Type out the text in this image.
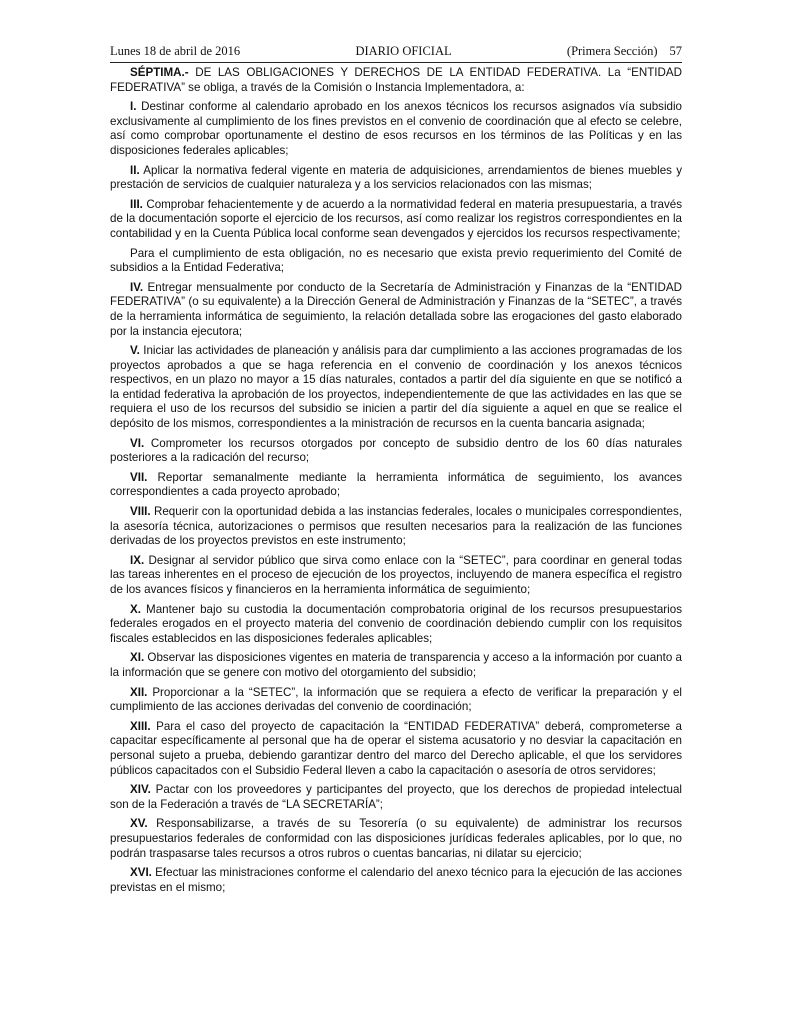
Lunes 18 de abril de 2016	DIARIO OFICIAL	(Primera Sección) 57

SÉPTIMA.- DE LAS OBLIGACIONES Y DERECHOS DE LA ENTIDAD FEDERATIVA. La “ENTIDAD FEDERATIVA” se obliga, a través de la Comisión o Instancia Implementadora, a:

I. Destinar conforme al calendario aprobado en los anexos técnicos los recursos asignados vía subsidio exclusivamente al cumplimiento de los fines previstos en el convenio de coordinación que al efecto se celebre, así como comprobar oportunamente el destino de esos recursos en los términos de las Políticas y en las disposiciones federales aplicables;

II. Aplicar la normativa federal vigente en materia de adquisiciones, arrendamientos de bienes muebles y prestación de servicios de cualquier naturaleza y a los servicios relacionados con las mismas;

III. Comprobar fehacientemente y de acuerdo a la normatividad federal en materia presupuestaria, a través de la documentación soporte el ejercicio de los recursos, así como realizar los registros correspondientes en la contabilidad y en la Cuenta Pública local conforme sean devengados y ejercidos los recursos respectivamente;

Para el cumplimiento de esta obligación, no es necesario que exista previo requerimiento del Comité de subsidios a la Entidad Federativa;

IV. Entregar mensualmente por conducto de la Secretaría de Administración y Finanzas de la “ENTIDAD FEDERATIVA” (o su equivalente) a la Dirección General de Administración y Finanzas de la “SETEC”, a través de la herramienta informática de seguimiento, la relación detallada sobre las erogaciones del gasto elaborado por la instancia ejecutora;

V. Iniciar las actividades de planeación y análisis para dar cumplimiento a las acciones programadas de los proyectos aprobados a que se haga referencia en el convenio de coordinación y los anexos técnicos respectivos, en un plazo no mayor a 15 días naturales, contados a partir del día siguiente en que se notificó a la entidad federativa la aprobación de los proyectos, independientemente de que las actividades en las que se requiera el uso de los recursos del subsidio se inicien a partir del día siguiente a aquel en que se realice el depósito de los mismos, correspondientes a la ministración de recursos en la cuenta bancaria asignada;

VI. Comprometer los recursos otorgados por concepto de subsidio dentro de los 60 días naturales posteriores a la radicación del recurso;

VII. Reportar semanalmente mediante la herramienta informática de seguimiento, los avances correspondientes a cada proyecto aprobado;

VIII. Requerir con la oportunidad debida a las instancias federales, locales o municipales correspondientes, la asesoría técnica, autorizaciones o permisos que resulten necesarios para la realización de las funciones derivadas de los proyectos previstos en este instrumento;

IX. Designar al servidor público que sirva como enlace con la “SETEC”, para coordinar en general todas las tareas inherentes en el proceso de ejecución de los proyectos, incluyendo de manera específica el registro de los avances físicos y financieros en la herramienta informática de seguimiento;

X. Mantener bajo su custodia la documentación comprobatoria original de los recursos presupuestarios federales erogados en el proyecto materia del convenio de coordinación debiendo cumplir con los requisitos fiscales establecidos en las disposiciones federales aplicables;

XI. Observar las disposiciones vigentes en materia de transparencia y acceso a la información por cuanto a la información que se genere con motivo del otorgamiento del subsidio;

XII. Proporcionar a la “SETEC”, la información que se requiera a efecto de verificar la preparación y el cumplimiento de las acciones derivadas del convenio de coordinación;

XIII. Para el caso del proyecto de capacitación la “ENTIDAD FEDERATIVA” deberá, comprometerse a capacitar específicamente al personal que ha de operar el sistema acusatorio y no desviar la capacitación en personal sujeto a prueba, debiendo garantizar dentro del marco del Derecho aplicable, el que los servidores públicos capacitados con el Subsidio Federal lleven a cabo la capacitación o asesoría de otros servidores;

XIV. Pactar con los proveedores y participantes del proyecto, que los derechos de propiedad intelectual son de la Federación a través de “LA SECRETARÍA”;

XV. Responsabilizarse, a través de su Tesorería (o su equivalente) de administrar los recursos presupuestarios federales de conformidad con las disposiciones jurídicas federales aplicables, por lo que, no podrán traspasarse tales recursos a otros rubros o cuentas bancarias, ni dilatar su ejercicio;

XVI. Efectuar las ministraciones conforme el calendario del anexo técnico para la ejecución de las acciones previstas en el mismo;
